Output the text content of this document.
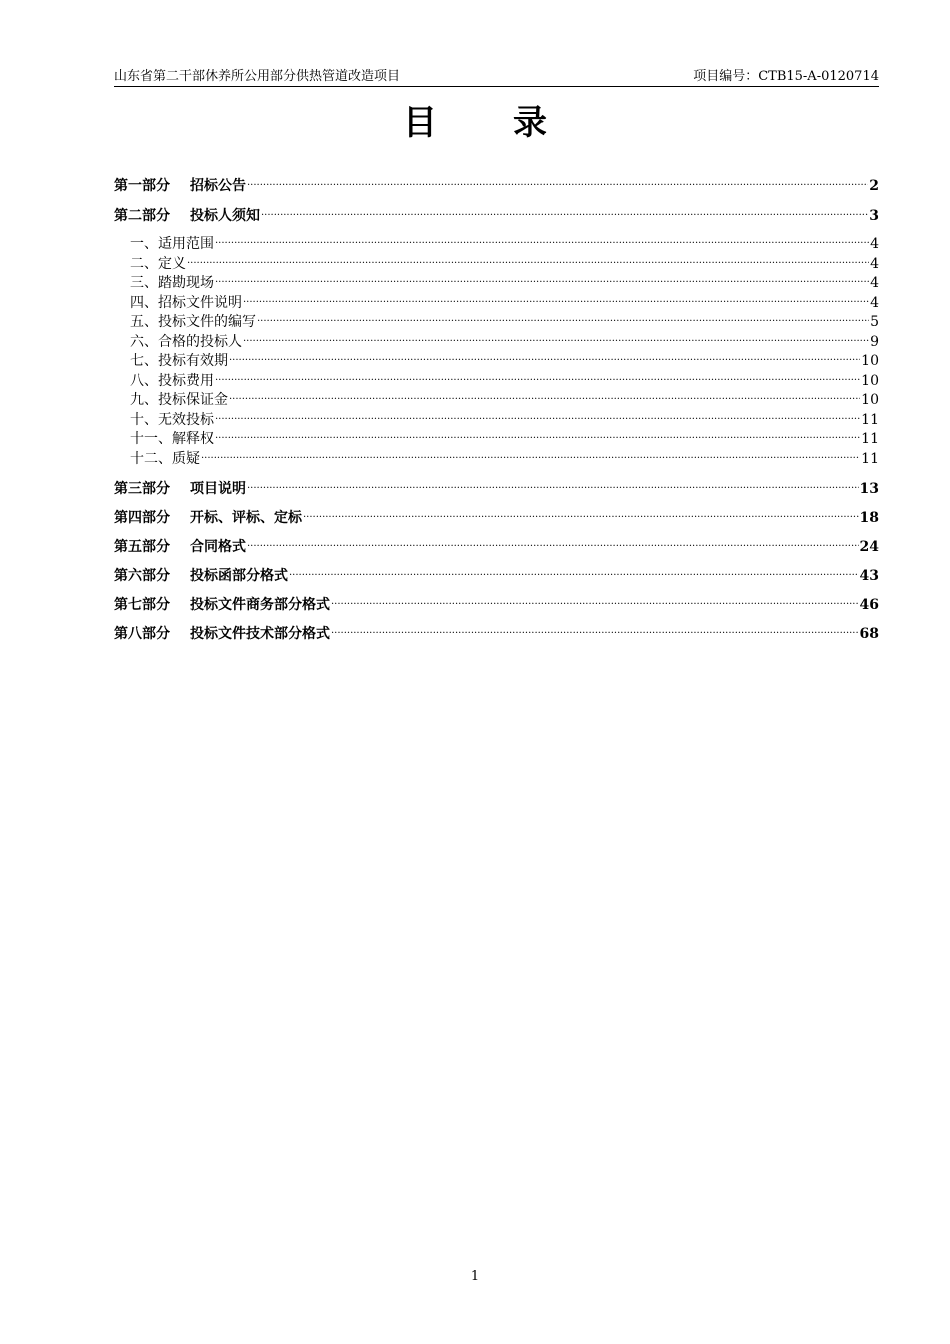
山东省第二干部休养所公用部分供热管道改造项目	项目编号：CTB15-A-0120714
目 录
第一部分 招标公告 .....	2
第二部分 投标人须知 .....	3
一、适用范围 .....	4
二、定义 .....	4
三、踏勘现场 .....	4
四、招标文件说明 .....	4
五、投标文件的编写 .....	5
六、合格的投标人 .....	9
七、投标有效期 .....	10
八、投标费用 .....	10
九、投标保证金 .....	10
十、无效投标 .....	11
十一、解释权 .....	11
十二、质疑 .....	11
第三部分 项目说明 .....	13
第四部分 开标、评标、定标 .....	18
第五部分 合同格式 .....	24
第六部分 投标函部分格式 .....	43
第七部分 投标文件商务部分格式 .....	46
第八部分 投标文件技术部分格式 .....	68
1
